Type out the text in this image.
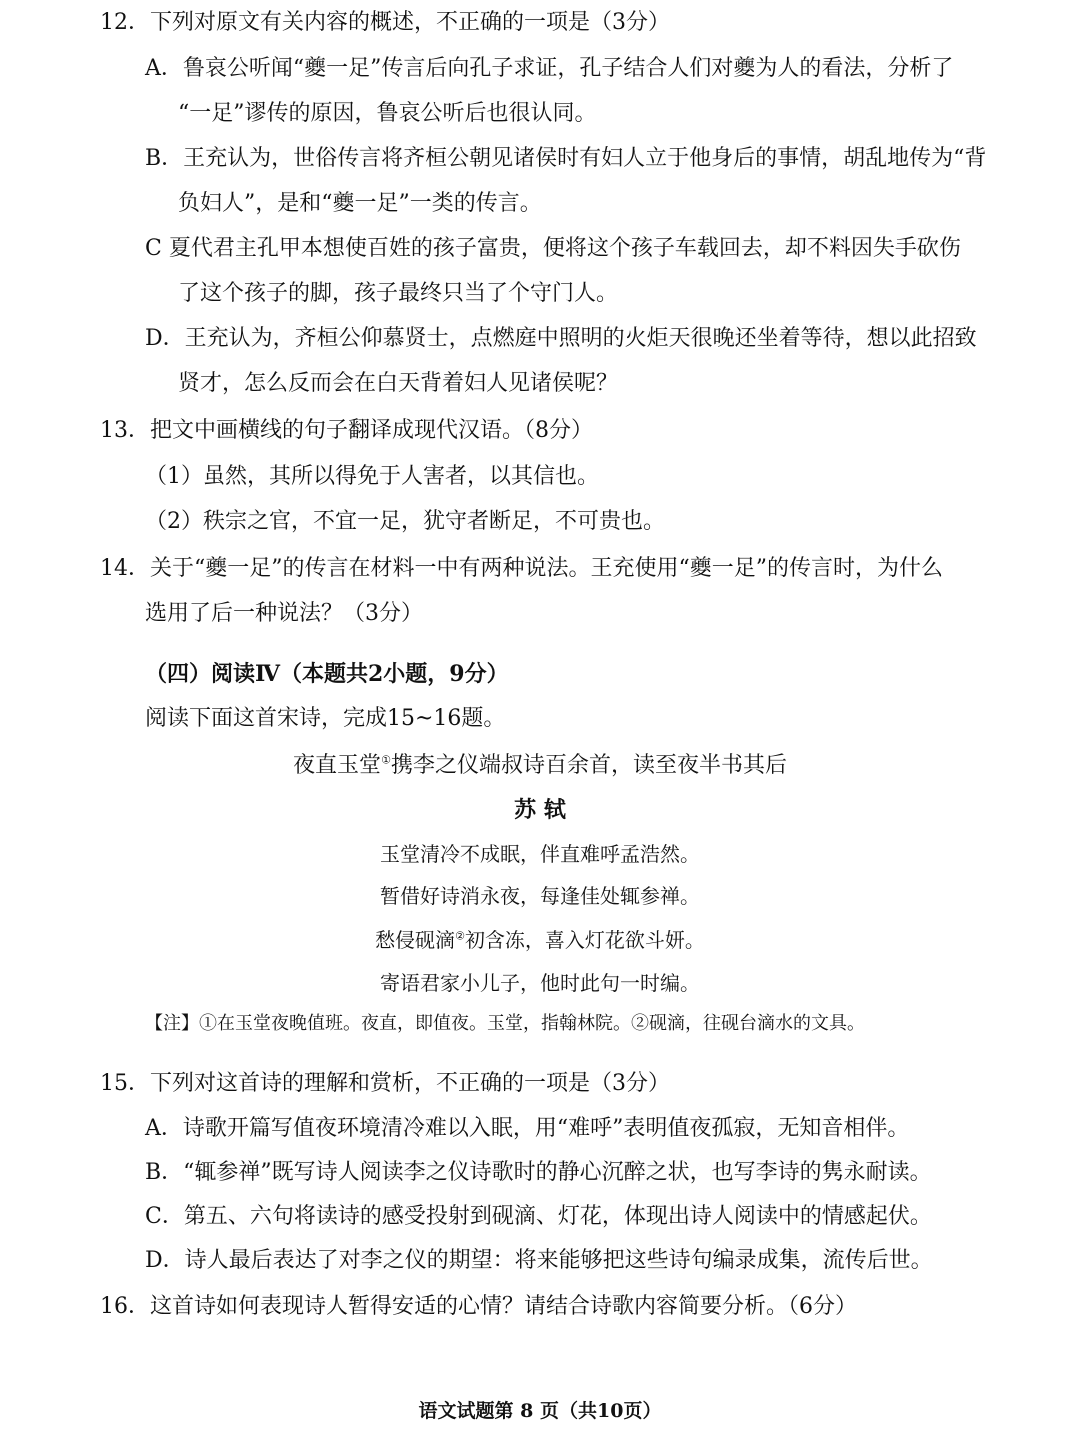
12．下列对原文有关内容的概述，不正确的一项是（3分）
A．鲁哀公听闻“夔一足”传言后向孔子求证，孔子结合人们对夔为人的看法，分析了
“一足”谬传的原因，鲁哀公听后也很认同。
B．王充认为，世俗传言将齐桓公朝见诸侯时有妇人立于他身后的事情，胡乱地传为“背
负妇人”，是和“夔一足”一类的传言。
C 夏代君主孔甲本想使百姓的孩子富贵，便将这个孩子车载回去，却不料因失手砍伤
了这个孩子的脚，孩子最终只当了个守门人。
D．王充认为，齐桓公仰慕贤士，点燃庭中照明的火炬天很晚还坐着等待，想以此招致
贤才，怎么反而会在白天背着妇人见诸侯呢？
13．把文中画横线的句子翻译成现代汉语。（8分）
（1）虽然，其所以得免于人害者，以其信也。
（2）秩宗之官，不宜一足，犹守者断足，不可贵也。
14．关于“夔一足”的传言在材料一中有两种说法。王充使用“夔一足”的传言时，为什么
选用了后一种说法？（3分）
（四）阅读Ⅳ（本题共2小题，9分）
阅读下面这首宋诗，完成15~16题。
夜直玉堂①携李之仪端叔诗百余首，读至夜半书其后
苏 轼
玉堂清冷不成眠，伴直难呼孟浩然。
暂借好诗消永夜，每逢佳处辄参禅。
愁侵砚滴②初含冻，喜入灯花欲斗妍。
寄语君家小儿子，他时此句一时编。
【注】①在玉堂夜晚值班。夜直，即值夜。玉堂，指翰林院。②砚滴，往砚台滴水的文具。
15．下列对这首诗的理解和赏析，不正确的一项是（3分）
A．诗歌开篇写值夜环境清冷难以入眠，用“难呼”表明值夜孤寂，无知音相伴。
B．“辄参禅”既写诗人阅读李之仪诗歌时的静心沉醉之状，也写李诗的隽永耐读。
C．第五、六句将读诗的感受投射到砚滴、灯花，体现出诗人阅读中的情感起伏。
D．诗人最后表达了对李之仪的期望：将来能够把这些诗句编录成集，流传后世。
16．这首诗如何表现诗人暂得安适的心情？请结合诗歌内容简要分析。（6分）
语文试题第 8 页（共10页）
